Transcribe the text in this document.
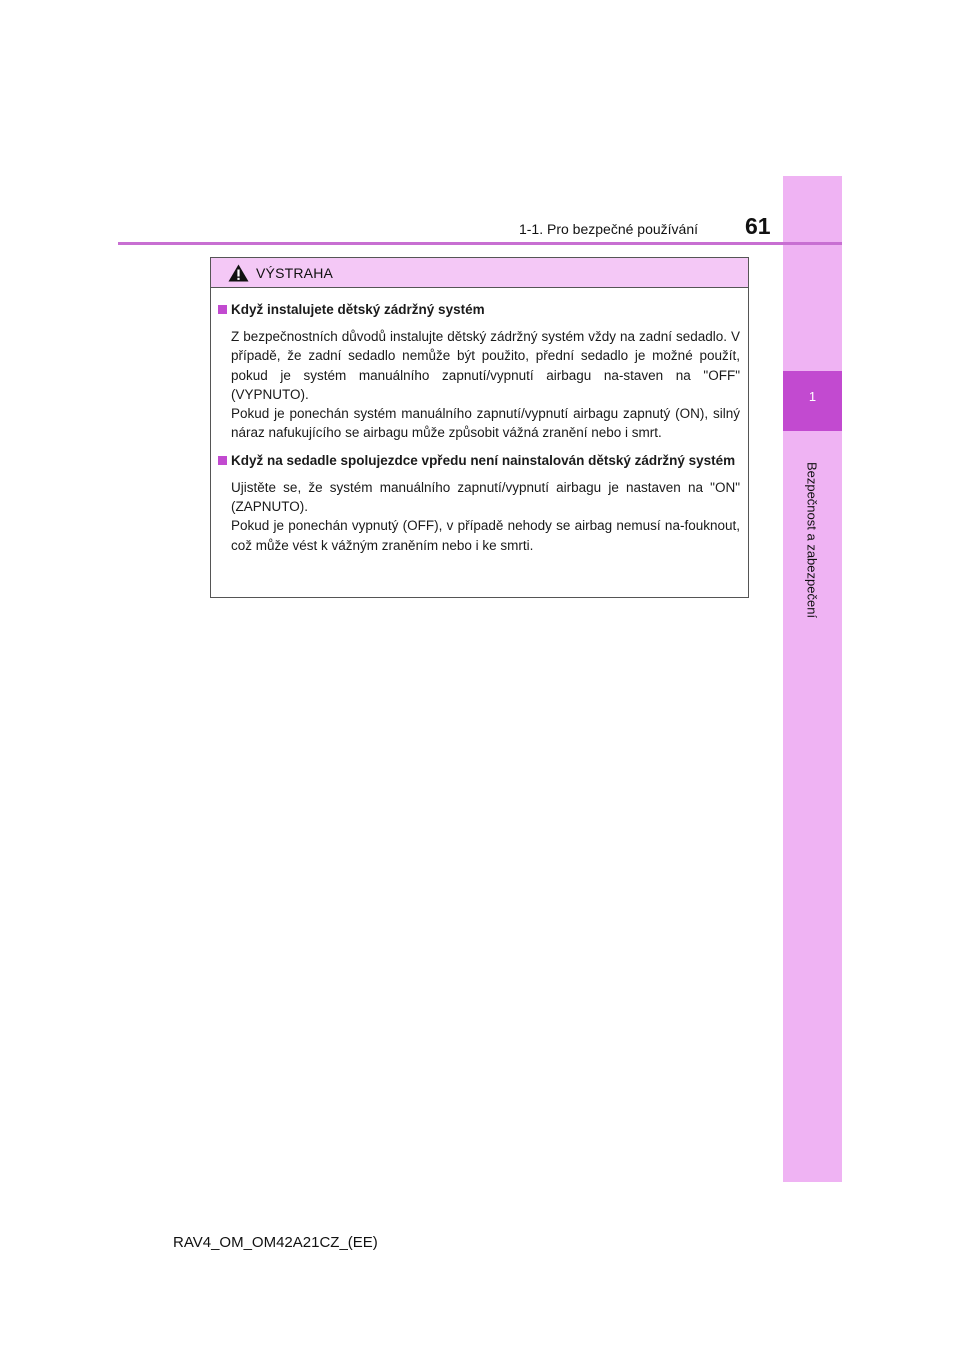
1
Bezpečnost a zabezpečení
1-1. Pro bezpečné používání 61
VÝSTRAHA
Když instalujete dětský zádržný systém

Z bezpečnostních důvodů instalujte dětský zádržný systém vždy na zadní sedadlo. V případě, že zadní sedadlo nemůže být použito, přední sedadlo je možné použít, pokud je systém manuálního zapnutí/vypnutí airbagu na-staven na "OFF" (VYPNUTO).

Pokud je ponechán systém manuálního zapnutí/vypnutí airbagu zapnutý (ON), silný náraz nafukujícího se airbagu může způsobit vážná zranění nebo i smrt.

Když na sedadle spolujezdce vpředu není nainstalován dětský zádržný systém

Ujistěte se, že systém manuálního zapnutí/vypnutí airbagu je nastaven na "ON" (ZAPNUTO).

Pokud je ponechán vypnutý (OFF), v případě nehody se airbag nemusí na-fouknout, což může vést k vážným zraněním nebo i ke smrti.

RAV4_OM_OM42A21CZ_(EE)
